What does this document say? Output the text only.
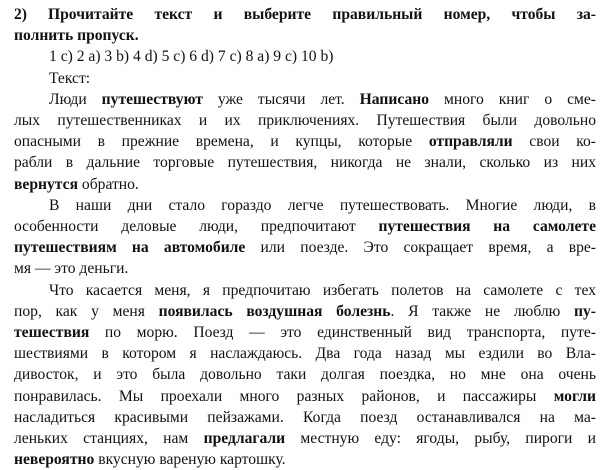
2) Прочитайте текст и выберите правильный номер, чтобы за-
полнить пропуск.
1 c) 2 a) 3 b) 4 d) 5 c) 6 d) 7 c) 8 a) 9 c) 10 b)
Текст:
Люди путешествуют уже тысячи лет. Написано много книг о сме-
лых путешественниках и их приключениях. Путешествия были довольно
опасными в прежние времена, и купцы, которые отправляли свои ко-
рабли в дальние торговые путешествия, никогда не знали, сколько из них
вернутся обратно.
В наши дни стало гораздо легче путешествовать. Многие люди, в
особенности деловые люди, предпочитают путешествия на самолете
путешествиям на автомобиле или поезде. Это сокращает время, а вре-
мя — это деньги.
Что касается меня, я предпочитаю избегать полетов на самолете с тех
пор, как у меня появилась воздушная болезнь. Я также не люблю пу-
тешествия по морю. Поезд — это единственный вид транспорта, путе-
шествиями в котором я наслаждаюсь. Два года назад мы ездили во Вла-
дивосток, и это была довольно таки долгая поездка, но мне она очень
понравилась. Мы проехали много разных районов, и пассажиры могли
насладиться красивыми пейзажами. Когда поезд останавливался на ма-
леньких станциях, нам предлагали местную еду: ягоды, рыбу, пироги и
невероятно вкусную вареную картошку.
